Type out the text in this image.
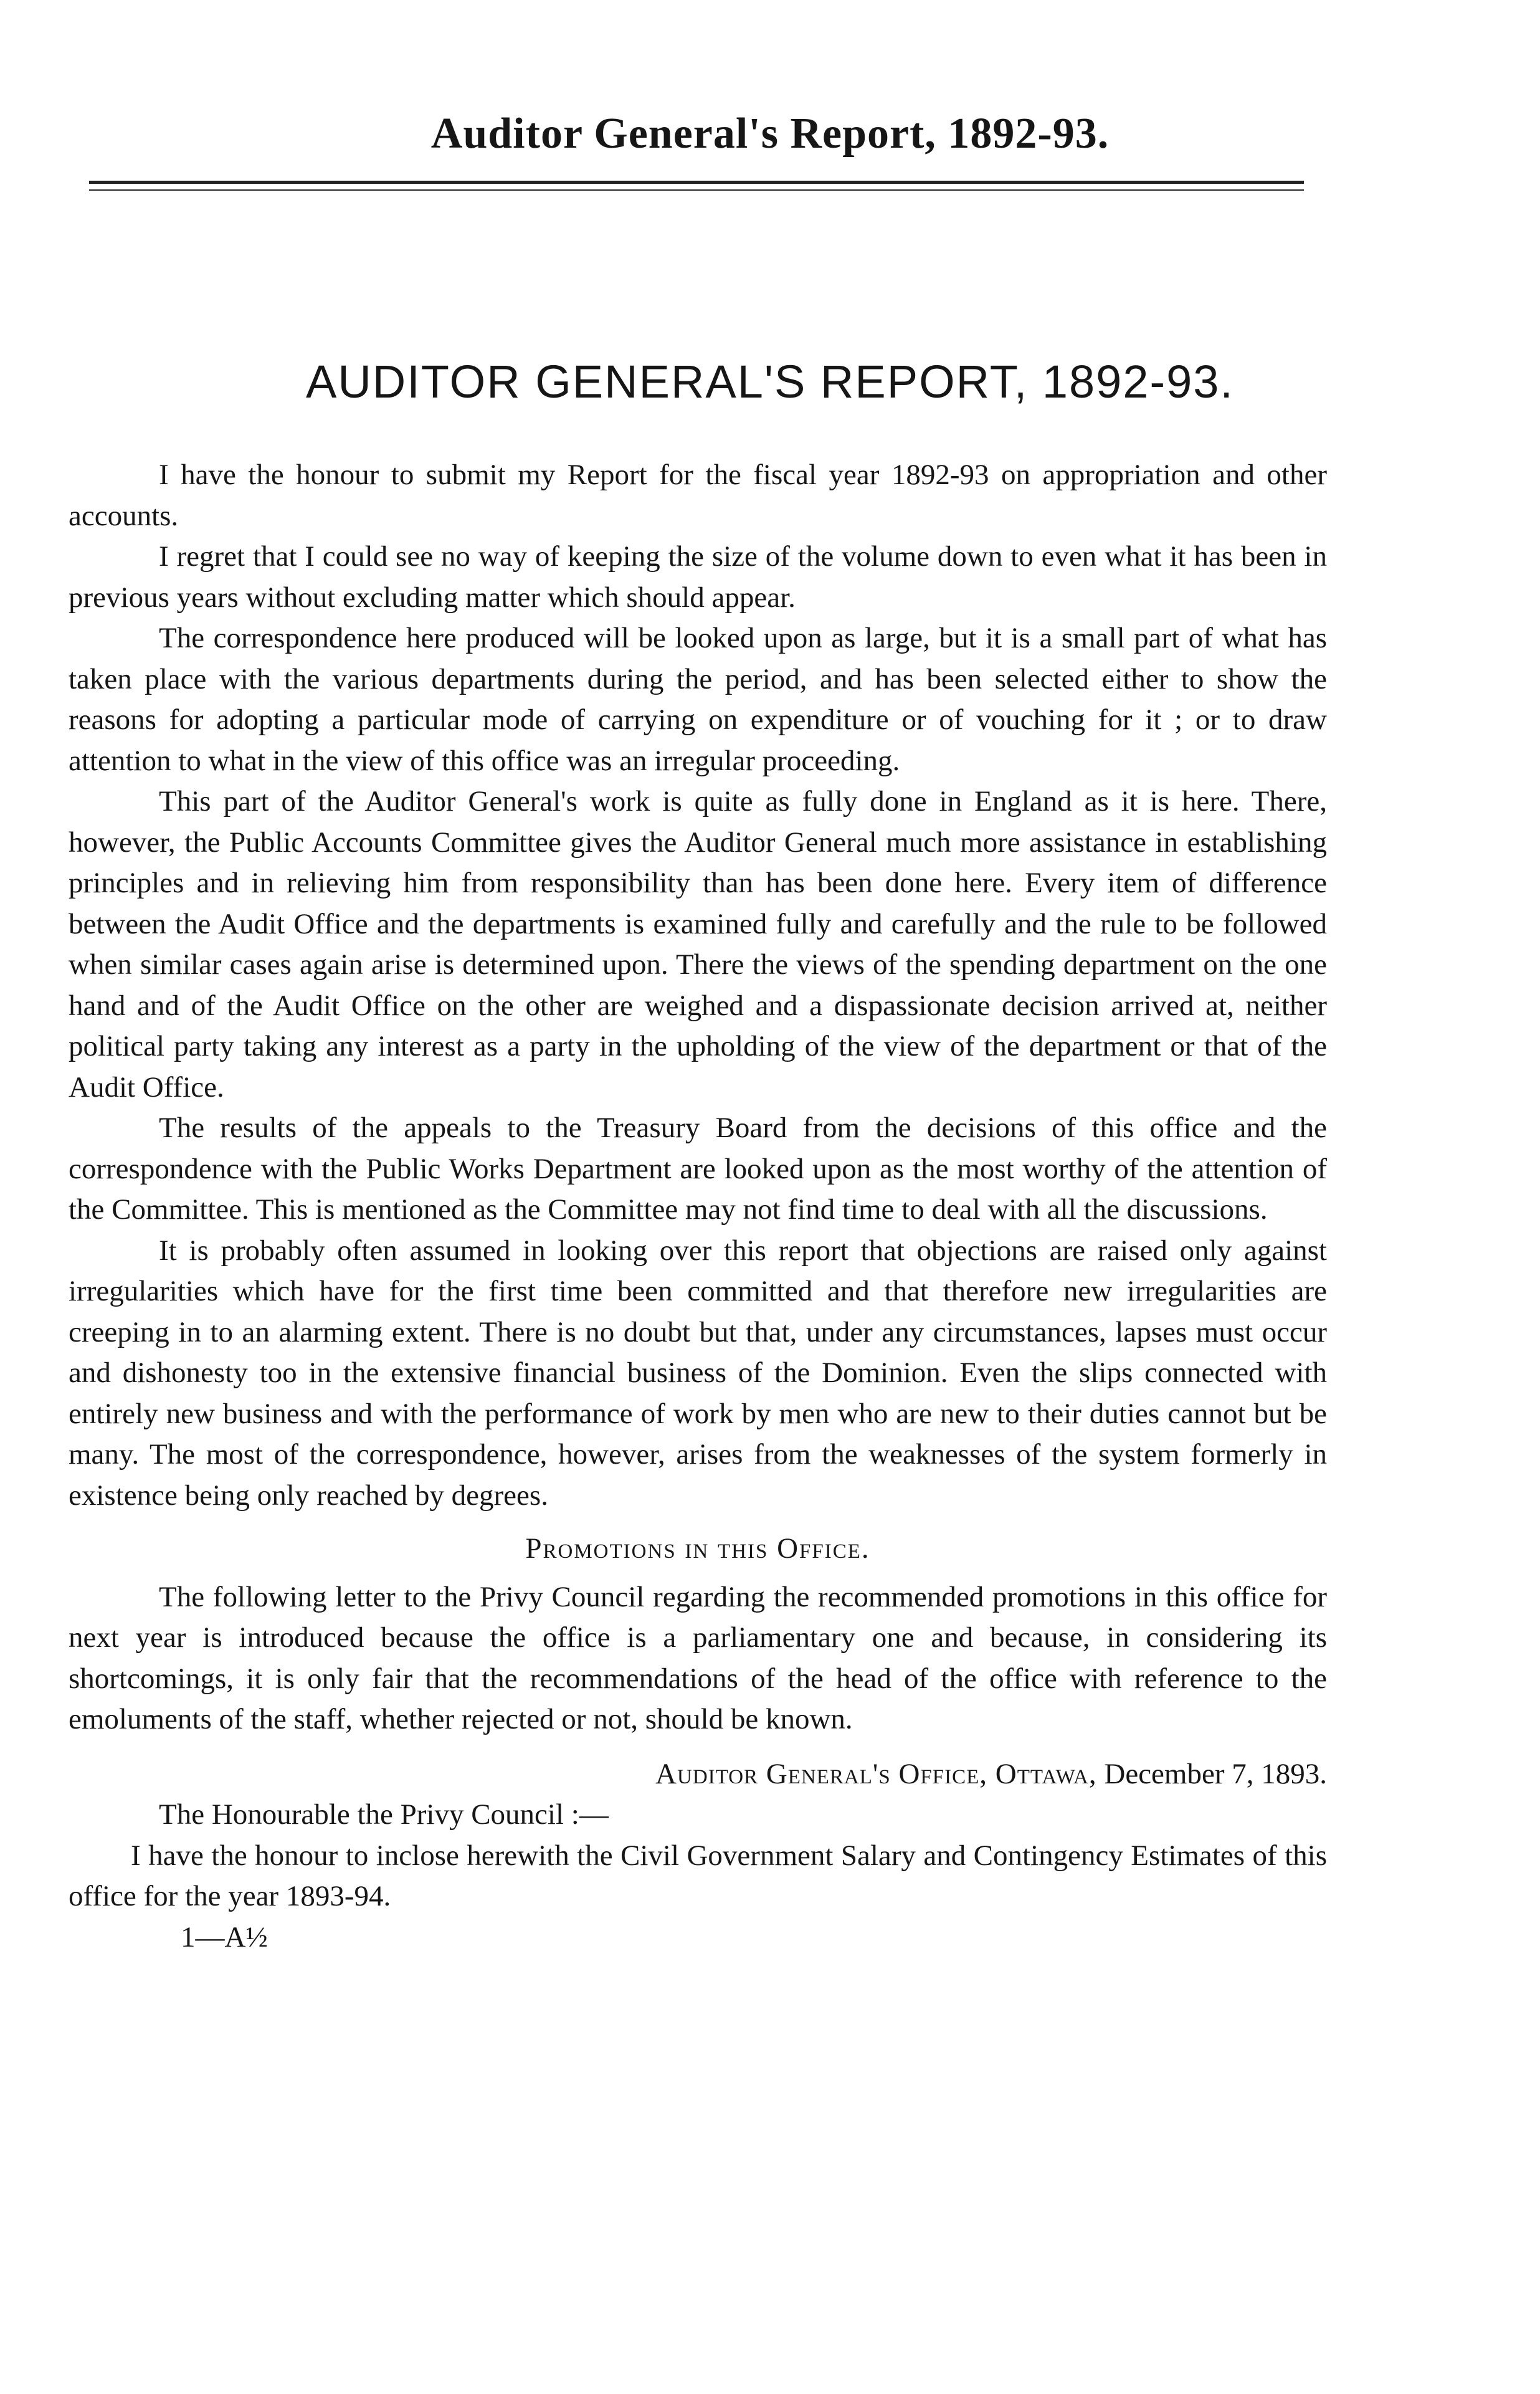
Auditor General's Report, 1892-93.
AUDITOR GENERAL'S REPORT, 1892-93.

I have the honour to submit my Report for the fiscal year 1892-93 on appropriation and other accounts.

I regret that I could see no way of keeping the size of the volume down to even what it has been in previous years without excluding matter which should appear.

The correspondence here produced will be looked upon as large, but it is a small part of what has taken place with the various departments during the period, and has been selected either to show the reasons for adopting a particular mode of carrying on expenditure or of vouching for it ; or to draw attention to what in the view of this office was an irregular proceeding.

This part of the Auditor General's work is quite as fully done in England as it is here. There, however, the Public Accounts Committee gives the Auditor General much more assistance in establishing principles and in relieving him from responsibility than has been done here. Every item of difference between the Audit Office and the departments is examined fully and carefully and the rule to be followed when similar cases again arise is determined upon. There the views of the spending department on the one hand and of the Audit Office on the other are weighed and a dispassionate decision arrived at, neither political party taking any interest as a party in the upholding of the view of the department or that of the Audit Office.

The results of the appeals to the Treasury Board from the decisions of this office and the correspondence with the Public Works Department are looked upon as the most worthy of the attention of the Committee. This is mentioned as the Committee may not find time to deal with all the discussions.

It is probably often assumed in looking over this report that objections are raised only against irregularities which have for the first time been committed and that therefore new irregularities are creeping in to an alarming extent. There is no doubt but that, under any circumstances, lapses must occur and dishonesty too in the extensive financial business of the Dominion. Even the slips connected with entirely new business and with the performance of work by men who are new to their duties cannot but be many. The most of the correspondence, however, arises from the weaknesses of the system formerly in existence being only reached by degrees.

Promotions in this Office.

The following letter to the Privy Council regarding the recommended promotions in this office for next year is introduced because the office is a parliamentary one and because, in considering its shortcomings, it is only fair that the recommendations of the head of the office with reference to the emoluments of the staff, whether rejected or not, should be known.

Auditor General's Office, Ottawa, December 7, 1893.

The Honourable the Privy Council :—

I have the honour to inclose herewith the Civil Government Salary and Contingency Estimates of this office for the year 1893-94.

1—A½
